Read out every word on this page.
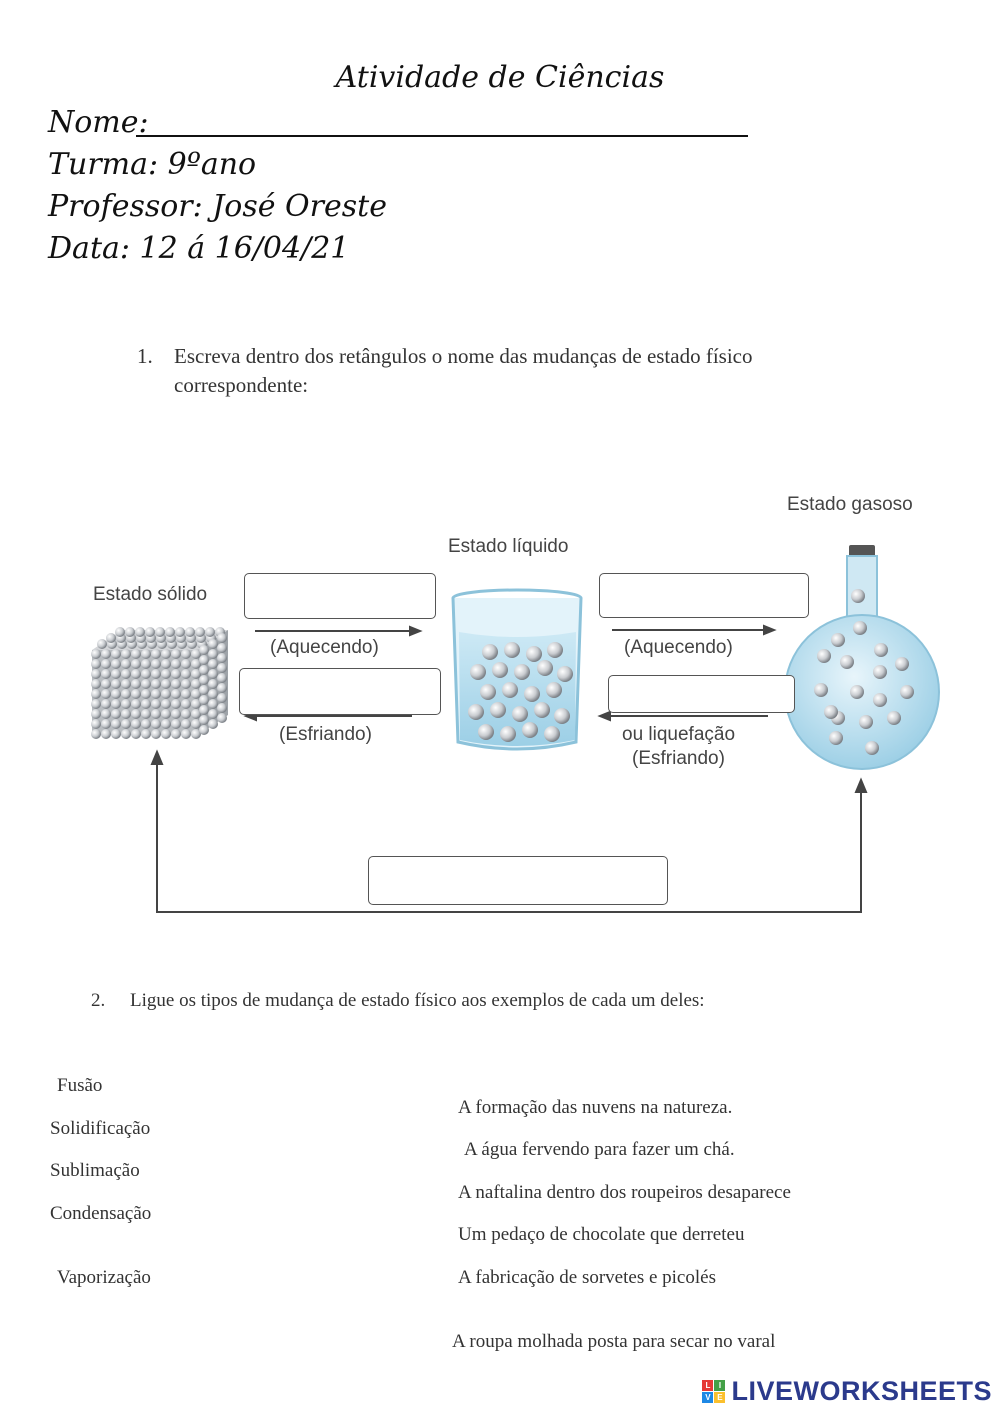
Atividade de Ciências
Nome:
Turma: 9ºano
Professor: José Oreste
Data: 12 á 16/04/21
1. Escreva dentro dos retângulos o nome das mudanças de estado físico
correspondente:
Estado sólido
Estado líquido
Estado gasoso
(Aquecendo)
(Esfriando)
(Aquecendo)
ou liquefação
(Esfriando)
2. Ligue os tipos de mudança de estado físico aos exemplos de cada um deles:
Fusão
Solidificação
Sublimação
Condensação
Vaporização
A formação das nuvens na natureza.
A água fervendo para fazer um chá.
A naftalina dentro dos roupeiros desaparece
Um pedaço de chocolate que derreteu
A fabricação de sorvetes e picolés
A roupa molhada posta para secar no varal
L	I
V E LIVEWORKSHEETS
